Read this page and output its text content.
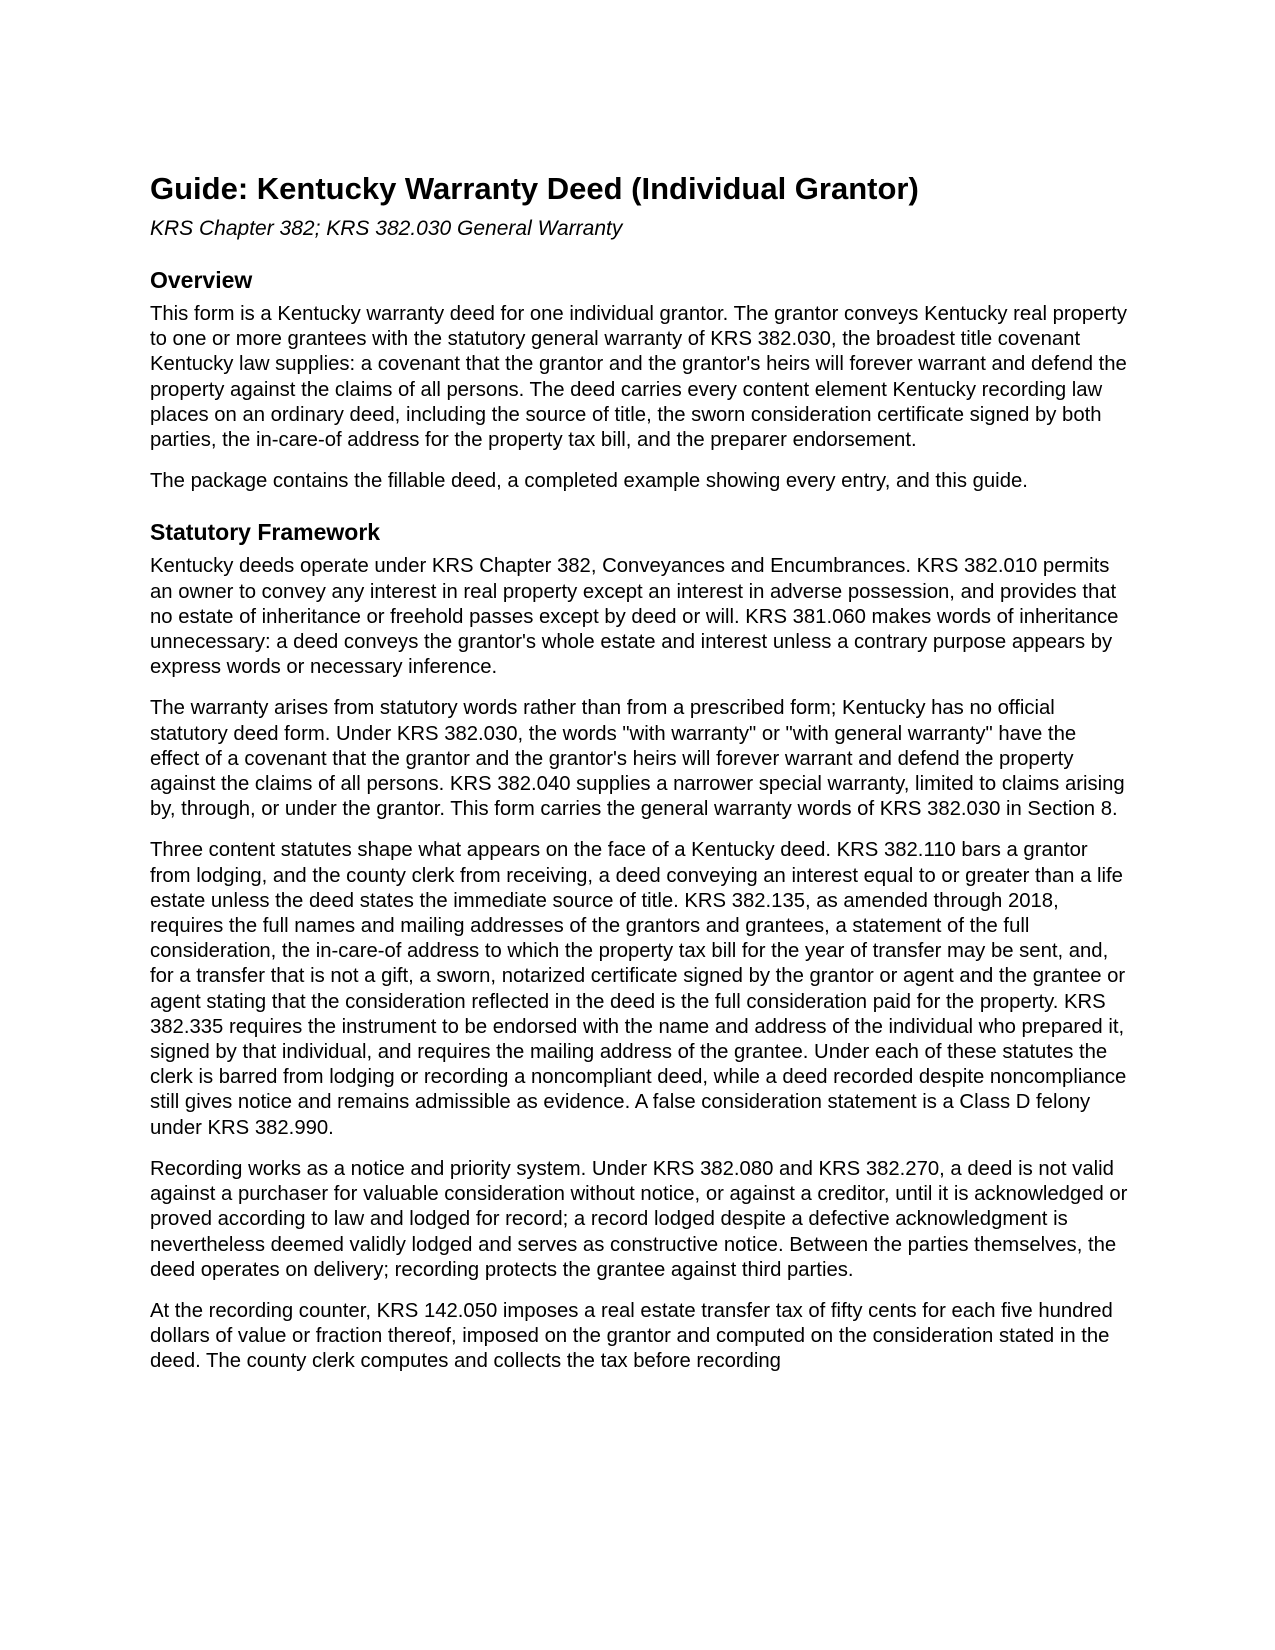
Guide: Kentucky Warranty Deed (Individual Grantor)

KRS Chapter 382; KRS 382.030 General Warranty

Overview

This form is a Kentucky warranty deed for one individual grantor. The grantor conveys Kentucky real property to one or more grantees with the statutory general warranty of KRS 382.030, the broadest title covenant Kentucky law supplies: a covenant that the grantor and the grantor's heirs will forever warrant and defend the property against the claims of all persons. The deed carries every content element Kentucky recording law places on an ordinary deed, including the source of title, the sworn consideration certificate signed by both parties, the in-care-of address for the property tax bill, and the preparer endorsement.

The package contains the fillable deed, a completed example showing every entry, and this guide.

Statutory Framework

Kentucky deeds operate under KRS Chapter 382, Conveyances and Encumbrances. KRS 382.010 permits an owner to convey any interest in real property except an interest in adverse possession, and provides that no estate of inheritance or freehold passes except by deed or will. KRS 381.060 makes words of inheritance unnecessary: a deed conveys the grantor's whole estate and interest unless a contrary purpose appears by express words or necessary inference.

The warranty arises from statutory words rather than from a prescribed form; Kentucky has no official statutory deed form. Under KRS 382.030, the words "with warranty" or "with general warranty" have the effect of a covenant that the grantor and the grantor's heirs will forever warrant and defend the property against the claims of all persons. KRS 382.040 supplies a narrower special warranty, limited to claims arising by, through, or under the grantor. This form carries the general warranty words of KRS 382.030 in Section 8.

Three content statutes shape what appears on the face of a Kentucky deed. KRS 382.110 bars a grantor from lodging, and the county clerk from receiving, a deed conveying an interest equal to or greater than a life estate unless the deed states the immediate source of title. KRS 382.135, as amended through 2018, requires the full names and mailing addresses of the grantors and grantees, a statement of the full consideration, the in-care-of address to which the property tax bill for the year of transfer may be sent, and, for a transfer that is not a gift, a sworn, notarized certificate signed by the grantor or agent and the grantee or agent stating that the consideration reflected in the deed is the full consideration paid for the property. KRS 382.335 requires the instrument to be endorsed with the name and address of the individual who prepared it, signed by that individual, and requires the mailing address of the grantee. Under each of these statutes the clerk is barred from lodging or recording a noncompliant deed, while a deed recorded despite noncompliance still gives notice and remains admissible as evidence. A false consideration statement is a Class D felony under KRS 382.990.

Recording works as a notice and priority system. Under KRS 382.080 and KRS 382.270, a deed is not valid against a purchaser for valuable consideration without notice, or against a creditor, until it is acknowledged or proved according to law and lodged for record; a record lodged despite a defective acknowledgment is nevertheless deemed validly lodged and serves as constructive notice. Between the parties themselves, the deed operates on delivery; recording protects the grantee against third parties.

At the recording counter, KRS 142.050 imposes a real estate transfer tax of fifty cents for each five hundred dollars of value or fraction thereof, imposed on the grantor and computed on the consideration stated in the deed. The county clerk computes and collects the tax before recording
